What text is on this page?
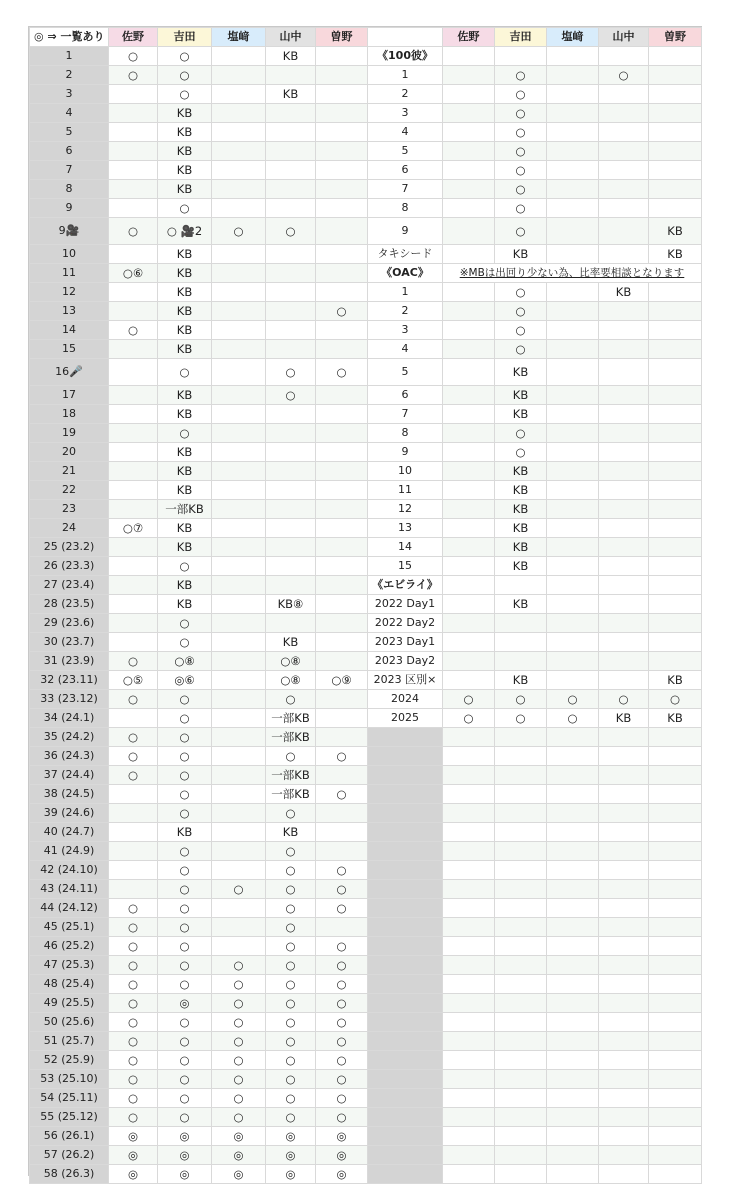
◎ ⇒ 一覧あり	佐野	吉田	塩﨑	山中	曽野
1	○	○		KB	
2	○	○			
3		○		KB	
4		KB			
5		KB			
6		KB			
7		KB			
8		KB			
9		○			
9🎥	○	○ 🎥2	○	○	
10		KB			
11	○⑥	KB			
12		KB			
13		KB			○
14	○	KB			
15		KB			
16🎤		○		○	○
17		KB		○	
18		KB			
19		○			
20		KB			
21		KB			
22		KB			
23		一部KB			
24	○⑦	KB			
25 (23.2)		KB			
26 (23.3)		○			
27 (23.4)		KB			
28 (23.5)		KB		KB⑧	
29 (23.6)		○			
30 (23.7)		○		KB	
31 (23.9)	○	○⑧		○⑧	
32 (23.11)	○⑤	◎⑥		○⑧	○⑨
33 (23.12)	○	○		○	
34 (24.1)		○		一部KB	
35 (24.2)	○	○		一部KB	
36 (24.3)	○	○		○	○
37 (24.4)	○	○		一部KB	
38 (24.5)		○		一部KB	○
39 (24.6)		○		○	
40 (24.7)		KB		KB	
41 (24.9)		○		○	
42 (24.10)		○		○	○
43 (24.11)		○	○	○	○
44 (24.12)	○	○		○	○
45 (25.1)	○	○		○	
46 (25.2)	○	○		○	○
47 (25.3)	○	○	○	○	○
48 (25.4)	○	○	○	○	○
49 (25.5)	○	◎	○	○	○
50 (25.6)	○	○	○	○	○
51 (25.7)	○	○	○	○	○
52 (25.9)	○	○	○	○	○
53 (25.10)	○	○	○	○	○
54 (25.11)	○	○	○	○	○
55 (25.12)	○	○	○	○	○
56 (26.1)	◎	◎	◎	◎	◎
57 (26.2)	◎	◎	◎	◎	◎
58 (26.3)	◎	◎	◎	◎	◎
	佐野	吉田	塩﨑	山中	曽野
《100彼》					
1		○		○	
2		○			
3		○			
4		○			
5		○			
6		○			
7		○			
8		○			
9		○			KB
タキシード		KB			KB
《OAC》	※MBは出回り少ない為、比率要相談となります				
1		○		KB	
2		○			
3		○			
4		○			
5		KB			
6		KB			
7		KB			
8		○			
9		○			
10		KB			
11		KB			
12		KB			
13		KB			
14		KB			
15		KB			
《エビライ》					
2022 Day1		KB			
2022 Day2					
2023 Day1					
2023 Day2					
2023 区別×		KB			KB
2024	○	○	○	○	○
2025	○	○	○	KB	KB
